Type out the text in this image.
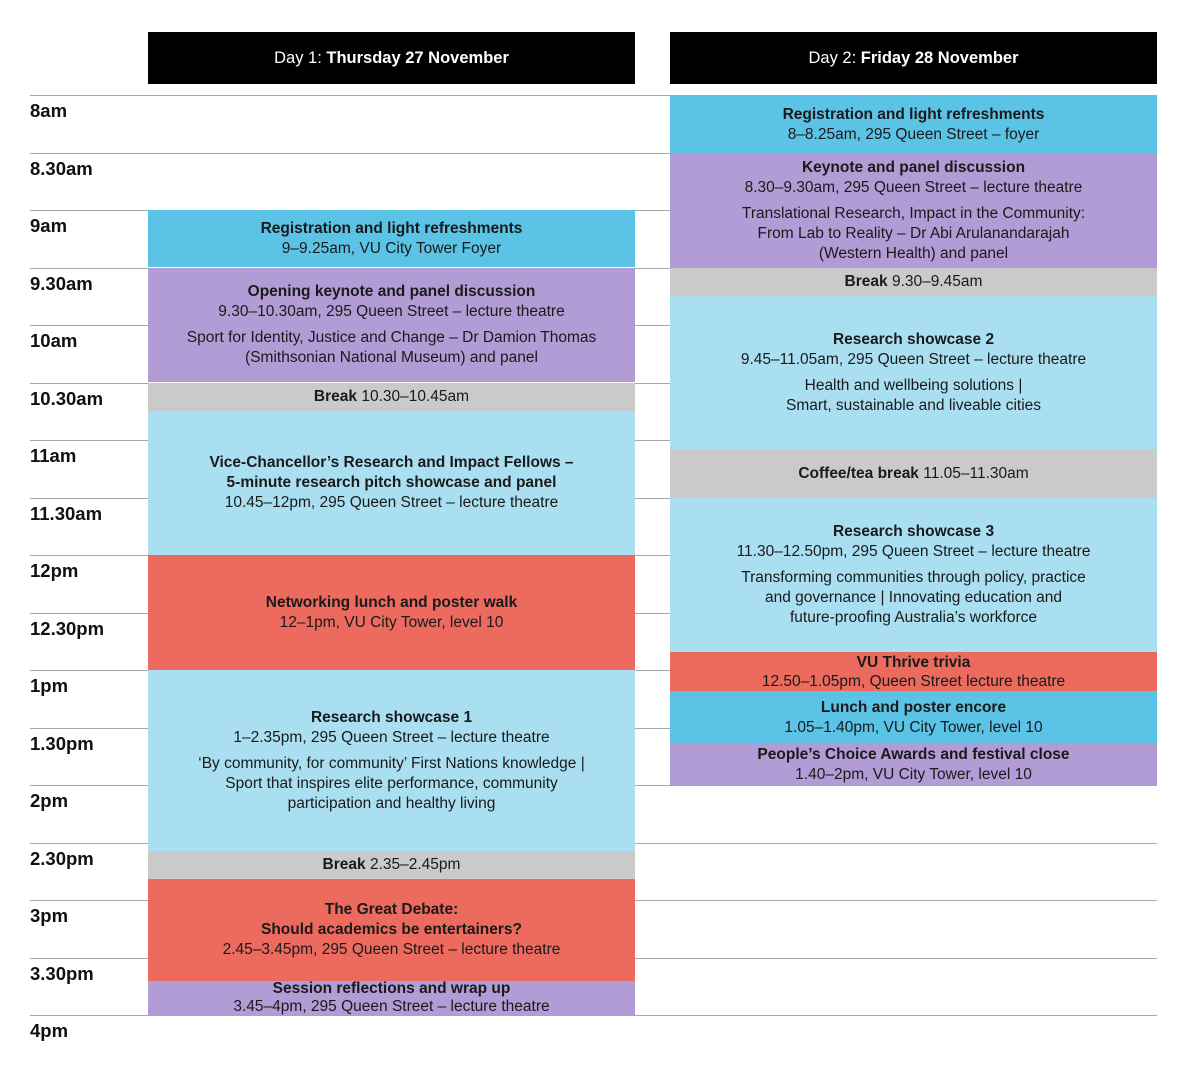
Day 1:
Thursday 27 November	Day 2:
Friday 28 November
8am
8.30am
9am
9.30am
10am
10.30am
11am
11.30am
12pm
12.30pm
1pm
1.30pm
2pm
2.30pm
3pm
3.30pm
4pm
Registration and light refreshments
9–9.25am, VU City Tower Foyer
Opening keynote and panel discussion
9.30–10.30am, 295 Queen Street – lecture theatre
Sport for Identity, Justice and Change – Dr Damion Thomas
(Smithsonian National Museum) and panel
Break 10.30–10.45am
Vice-Chancellor’s Research and Impact Fellows –
5-minute research pitch showcase and panel
10.45–12pm, 295 Queen Street – lecture theatre
Networking lunch and poster walk
12–1pm, VU City Tower, level 10
Research showcase 1
1–2.35pm, 295 Queen Street – lecture theatre
‘By community, for community’ First Nations knowledge |
Sport that inspires elite performance, community
participation and healthy living
Break 2.35–2.45pm
The Great Debate:
Should academics be entertainers?
2.45–3.45pm, 295 Queen Street – lecture theatre
Session reflections and wrap up
3.45–4pm, 295 Queen Street – lecture theatre
Registration and light refreshments
8–8.25am, 295 Queen Street – foyer
Keynote and panel discussion
8.30–9.30am, 295 Queen Street – lecture theatre
Translational Research, Impact in the Community:
From Lab to Reality – Dr Abi Arulanandarajah
(Western Health) and panel
Break 9.30–9.45am
Research showcase 2
9.45–11.05am, 295 Queen Street – lecture theatre
Health and wellbeing solutions |
Smart, sustainable and liveable cities
Coffee/tea break 11.05–11.30am
Research showcase 3
11.30–12.50pm, 295 Queen Street – lecture theatre
Transforming communities through policy, practice
and governance | Innovating education and
future-proofing Australia’s workforce
VU Thrive trivia
12.50–1.05pm, Queen Street lecture theatre
Lunch and poster encore
1.05–1.40pm, VU City Tower, level 10
People’s Choice Awards and festival close
1.40–2pm, VU City Tower, level 10
